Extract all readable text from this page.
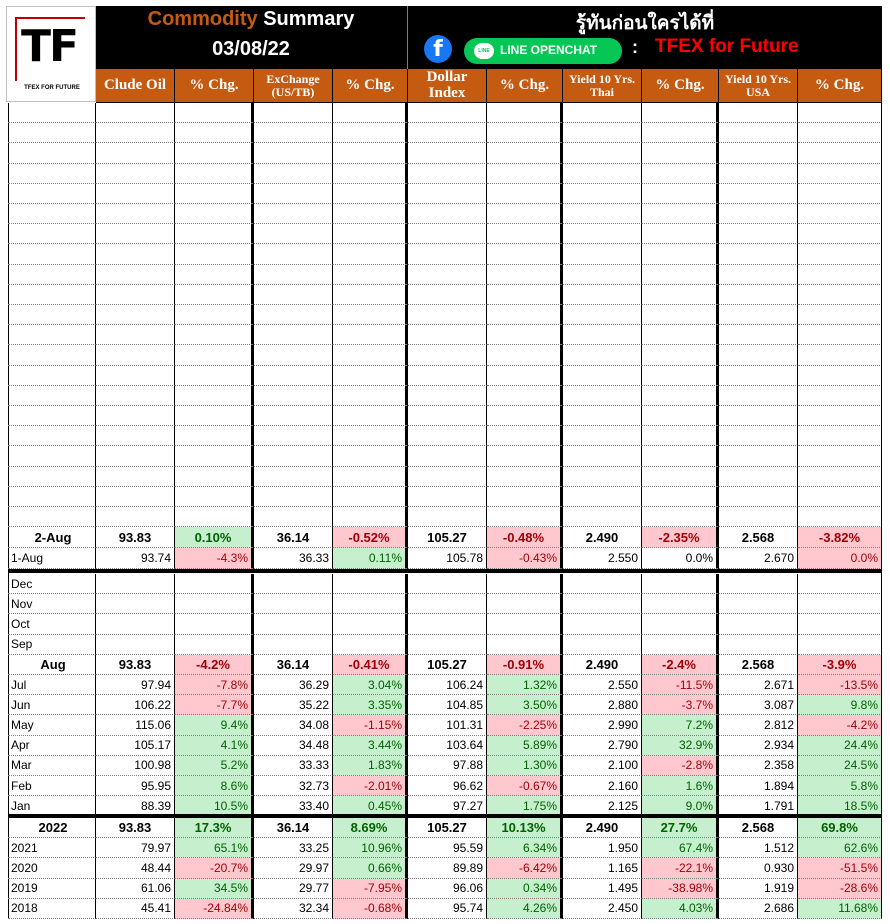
TF
TFEX FOR FUTURE
Commodity Summary
03/08/22
รู้ทันก่อนใครได้ที่
f	LINE LINE OPENCHAT : TFEX for Future
Clude Oil	% Chg.	ExChange (US/TB)	% Chg.	Dollar Index	% Chg.	Yield 10 Yrs. Thai	% Chg.	Yield 10 Yrs. USA	% Chg.
2-Aug	93.83	0.10%	36.14	-0.52%	105.27	-0.48%	2.490	-2.35%	2.568	-3.82%
1-Aug	93.74	-4.3%	36.33	0.11%	105.78	-0.43%	2.550	0.0%	2.670	0.0%
Dec
Nov
Oct
Sep
Aug	93.83	-4.2%	36.14	-0.41%	105.27	-0.91%	2.490	-2.4%	2.568	-3.9%
Jul	97.94	-7.8%	36.29	3.04%	106.24	1.32%	2.550	-11.5%	2.671	-13.5%
Jun	106.22	-7.7%	35.22	3.35%	104.85	3.50%	2.880	-3.7%	3.087	9.8%
May	115.06	9.4%	34.08	-1.15%	101.31	-2.25%	2.990	7.2%	2.812	-4.2%
Apr	105.17	4.1%	34.48	3.44%	103.64	5.89%	2.790	32.9%	2.934	24.4%
Mar	100.98	5.2%	33.33	1.83%	97.88	1.30%	2.100	-2.8%	2.358	24.5%
Feb	95.95	8.6%	32.73	-2.01%	96.62	-0.67%	2.160	1.6%	1.894	5.8%
Jan	88.39	10.5%	33.40	0.45%	97.27	1.75%	2.125	9.0%	1.791	18.5%
2022	93.83	17.3%	36.14	8.69%	105.27	10.13%	2.490	27.7%	2.568	69.8%
2021	79.97	65.1%	33.25	10.96%	95.59	6.34%	1.950	67.4%	1.512	62.6%
2020	48.44	-20.7%	29.97	0.66%	89.89	-6.42%	1.165	-22.1%	0.930	-51.5%
2019	61.06	34.5%	29.77	-7.95%	96.06	0.34%	1.495	-38.98%	1.919	-28.6%
2018	45.41	-24.84%	32.34	-0.68%	95.74	4.26%	2.450	4.03%	2.686	11.68%
